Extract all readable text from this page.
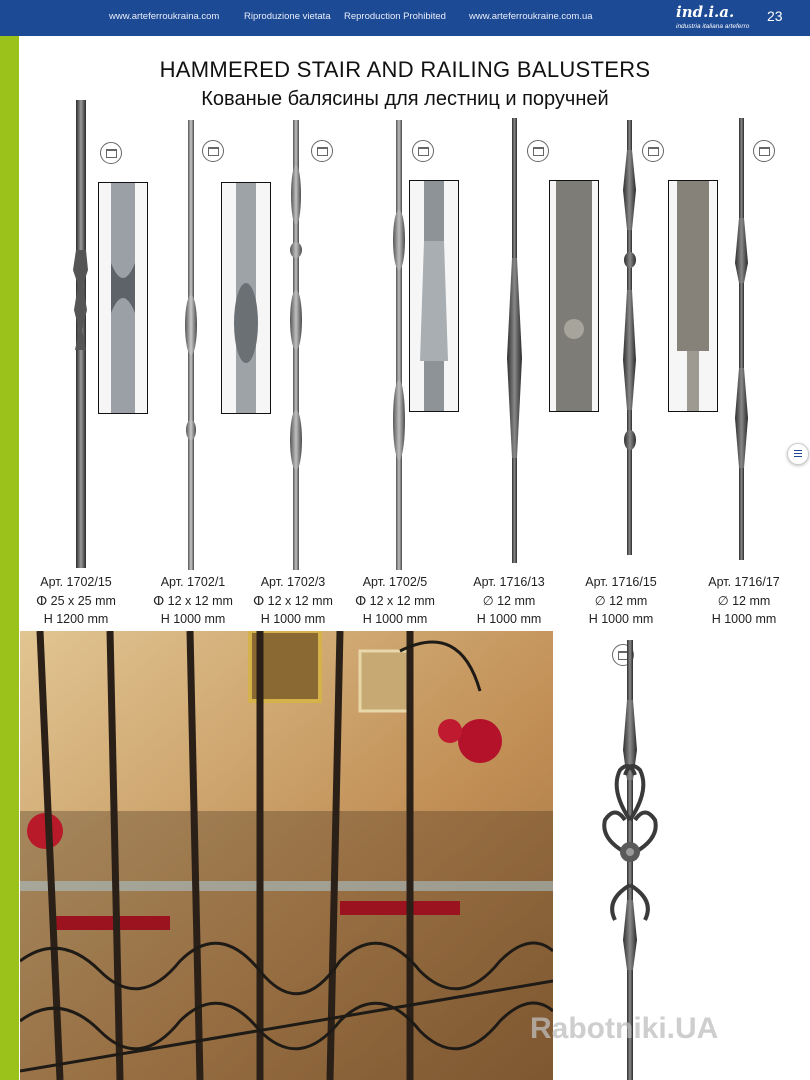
www.arteferroukraina.com	Riproduzione vietata Reproduction Prohibited www.arteferroukraine.com.ua	ind.i.a.
industria italiana arteferro
23
HAMMERED STAIR AND RAILING BALUSTERS
Кованые балясины для лестниц и поручней
Арт. 1702/15
ⵀ 25 x 25 mm
H 1200 mm
Арт. 1702/1
ⵀ 12 x 12 mm
H 1000 mm
Арт. 1702/3
ⵀ 12 x 12 mm
H 1000 mm
Арт. 1702/5
ⵀ 12 x 12 mm
H 1000 mm
Арт. 1716/13
∅ 12 mm
H 1000 mm
Арт. 1716/15
∅ 12 mm
H 1000 mm
Арт. 1716/17
∅ 12 mm
H 1000 mm
Rabotniki.UA
